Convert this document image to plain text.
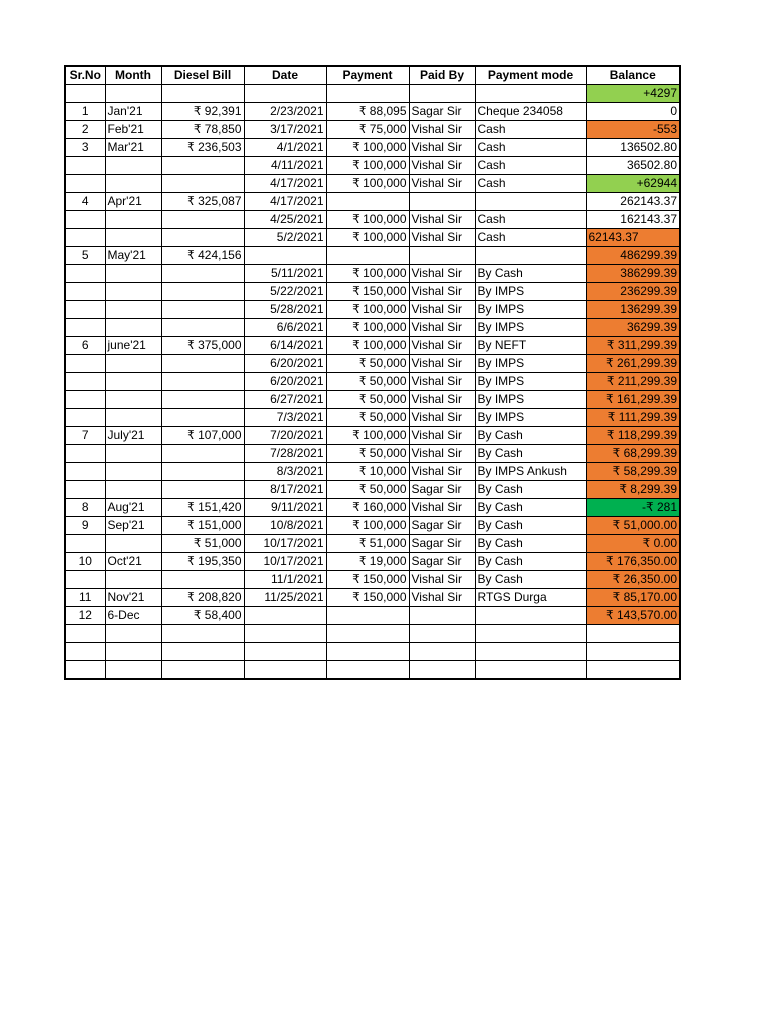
Sr.No	Month	Diesel Bill	Date	Payment	Paid By	Payment mode	Balance
							+4297
1	Jan'21	₹ 92,391	2/23/2021	₹ 88,095	Sagar Sir	Cheque 234058	0
2	Feb'21	₹ 78,850	3/17/2021	₹ 75,000	Vishal Sir	Cash	-553
3	Mar'21	₹ 236,503	4/1/2021	₹ 100,000	Vishal Sir	Cash	136502.80
			4/11/2021	₹ 100,000	Vishal Sir	Cash	36502.80
			4/17/2021	₹ 100,000	Vishal Sir	Cash	+62944
4	Apr'21	₹ 325,087	4/17/2021				262143.37
			4/25/2021	₹ 100,000	Vishal Sir	Cash	162143.37
			5/2/2021	₹ 100,000	Vishal Sir	Cash	62143.37
5	May'21	₹ 424,156					486299.39
			5/11/2021	₹ 100,000	Vishal Sir	By Cash	386299.39
			5/22/2021	₹ 150,000	Vishal Sir	By IMPS	236299.39
			5/28/2021	₹ 100,000	Vishal Sir	By IMPS	136299.39
			6/6/2021	₹ 100,000	Vishal Sir	By IMPS	36299.39
6	june'21	₹ 375,000	6/14/2021	₹ 100,000	Vishal Sir	By NEFT	₹ 311,299.39
			6/20/2021	₹ 50,000	Vishal Sir	By IMPS	₹ 261,299.39
			6/20/2021	₹ 50,000	Vishal Sir	By IMPS	₹ 211,299.39
			6/27/2021	₹ 50,000	Vishal Sir	By IMPS	₹ 161,299.39
			7/3/2021	₹ 50,000	Vishal Sir	By IMPS	₹ 111,299.39
7	July'21	₹ 107,000	7/20/2021	₹ 100,000	Vishal Sir	By Cash	₹ 118,299.39
			7/28/2021	₹ 50,000	Vishal Sir	By Cash	₹ 68,299.39
			8/3/2021	₹ 10,000	Vishal Sir	By IMPS Ankush	₹ 58,299.39
			8/17/2021	₹ 50,000	Sagar Sir	By Cash	₹ 8,299.39
8	Aug'21	₹ 151,420	9/11/2021	₹ 160,000	Vishal Sir	By Cash	-₹ 281
9	Sep'21	₹ 151,000	10/8/2021	₹ 100,000	Sagar Sir	By Cash	₹ 51,000.00
		₹ 51,000	10/17/2021	₹ 51,000	Sagar Sir	By Cash	₹ 0.00
10	Oct'21	₹ 195,350	10/17/2021	₹ 19,000	Sagar Sir	By Cash	₹ 176,350.00
			11/1/2021	₹ 150,000	Vishal Sir	By Cash	₹ 26,350.00
11	Nov'21	₹ 208,820	11/25/2021	₹ 150,000	Vishal Sir	RTGS Durga	₹ 85,170.00
12	6-Dec	₹ 58,400					₹ 143,570.00
